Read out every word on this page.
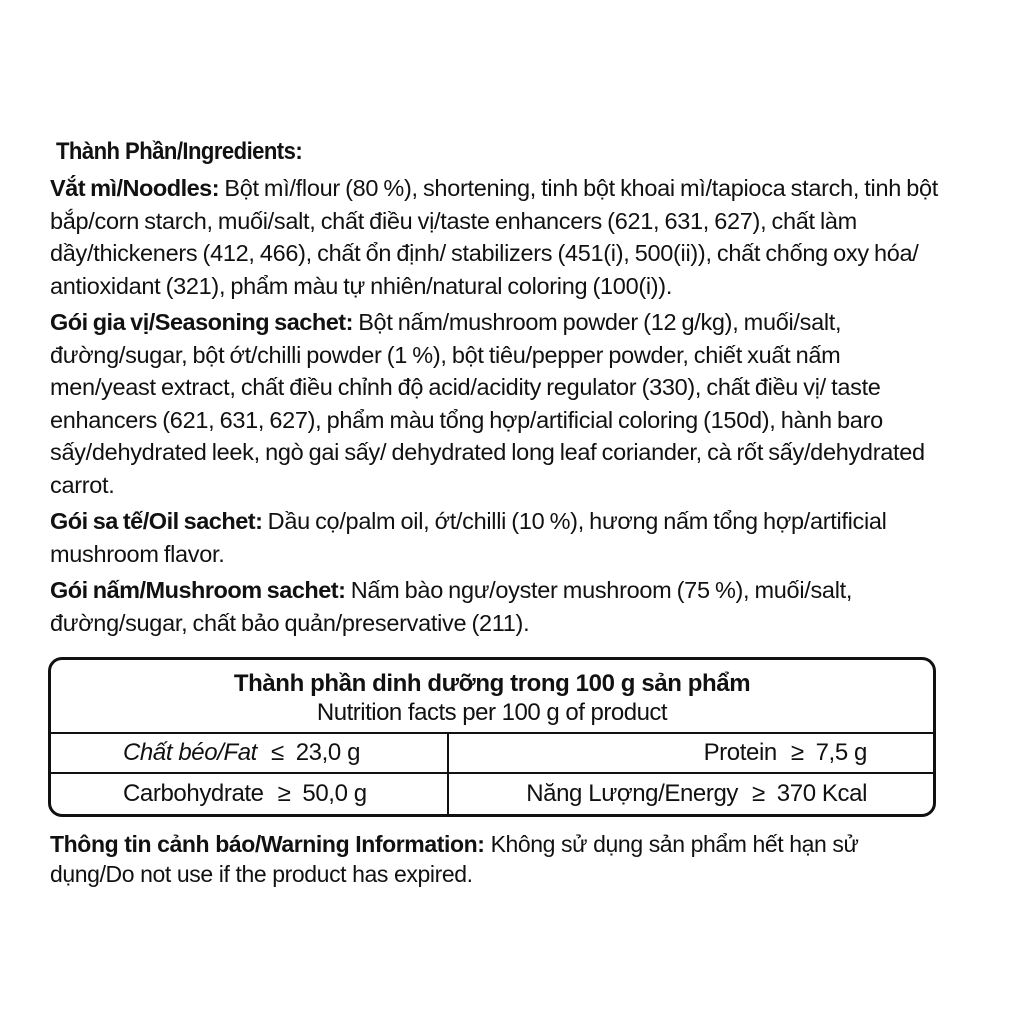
Thành Phần/Ingredients:

Vắt mì/Noodles: Bột mì/flour (80 %), shortening, tinh bột khoai mì/tapioca starch, tinh bột bắp/corn starch, muối/salt, chất điều vị/taste enhancers (621, 631, 627), chất làm dầy/thickeners (412, 466), chất ổn định/ stabilizers (451(i), 500(ii)), chất chống oxy hóa/ antioxidant (321), phẩm màu tự nhiên/natural coloring (100(i)).

Gói gia vị/Seasoning sachet: Bột nấm/mushroom powder (12 g/kg), muối/salt, đường/sugar, bột ớt/chilli powder (1 %), bột tiêu/pepper powder, chiết xuất nấm men/yeast extract, chất điều chỉnh độ acid/acidity regulator (330), chất điều vị/ taste enhancers (621, 631, 627), phẩm màu tổng hợp/artificial coloring (150d), hành baro sấy/dehydrated leek, ngò gai sấy/ dehydrated long leaf coriander, cà rốt sấy/dehydrated carrot.

Gói sa tế/Oil sachet: Dầu cọ/palm oil, ớt/chilli (10 %), hương nấm tổng hợp/artificial mushroom flavor.

Gói nấm/Mushroom sachet: Nấm bào ngư/oyster mushroom (75 %), muối/salt, đường/sugar, chất bảo quản/preservative (211).

Thành phần dinh dưỡng trong 100 g sản phẩm
Nutrition facts per 100 g of product
Chất béo/Fat ≤ 23,0 g	Protein ≥ 7,5 g
Carbohydrate ≥ 50,0 g	Năng Lượng/Energy ≥ 370 Kcal

Thông tin cảnh báo/Warning Information: Không sử dụng sản phẩm hết hạn sử dụng/Do not use if the product has expired.
